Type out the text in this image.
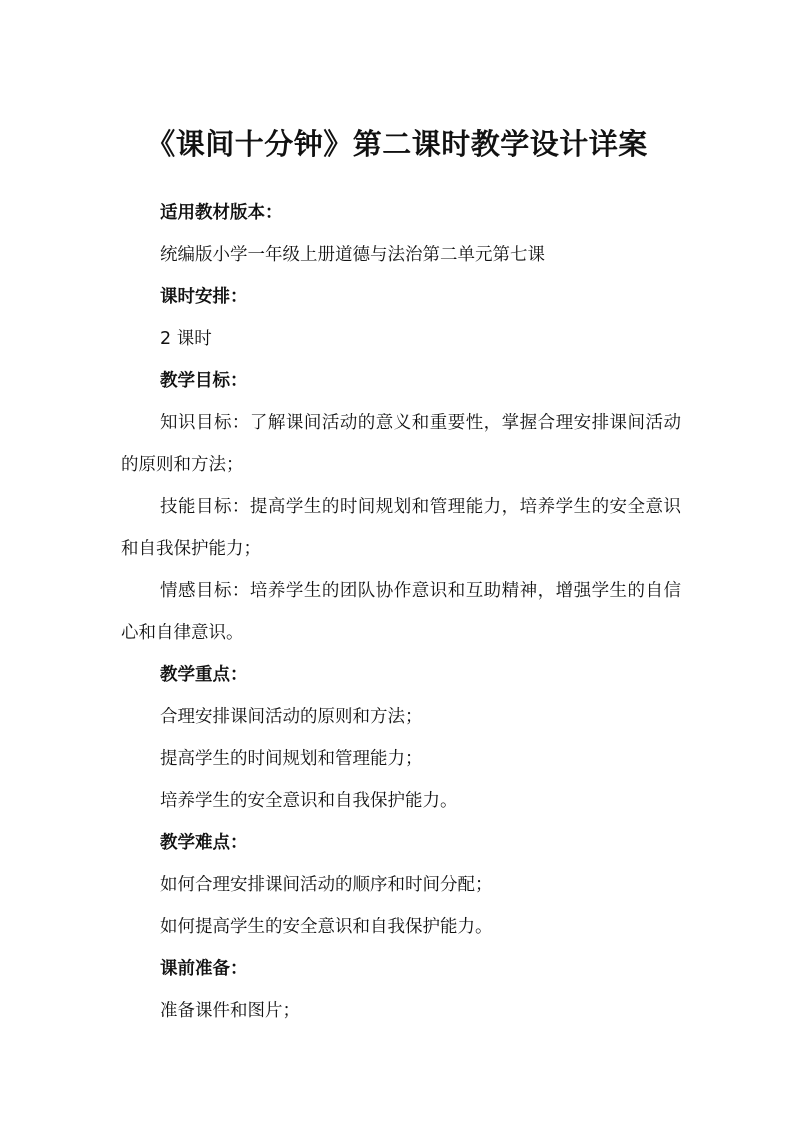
《课间十分钟》第二课时教学设计详案

适用教材版本：

统编版小学一年级上册道德与法治第二单元第七课

课时安排：

2 课时

教学目标：

知识目标：了解课间活动的意义和重要性，掌握合理安排课间活动的原则和方法；

技能目标：提高学生的时间规划和管理能力，培养学生的安全意识和自我保护能力；

情感目标：培养学生的团队协作意识和互助精神，增强学生的自信心和自律意识。

教学重点：

合理安排课间活动的原则和方法；

提高学生的时间规划和管理能力；

培养学生的安全意识和自我保护能力。

教学难点：

如何合理安排课间活动的顺序和时间分配；

如何提高学生的安全意识和自我保护能力。

课前准备：

准备课件和图片；
